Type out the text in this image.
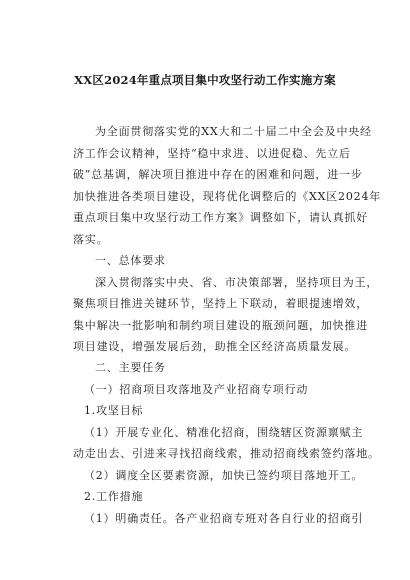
XX区2024年重点项目集中攻坚行动工作实施方案
为全面贯彻落实党的XX大和二十届二中全会及中央经
济工作会议精神，坚持“稳中求进、以进促稳、先立后
破”总基调，解决项目推进中存在的困难和问题，进一步
加快推进各类项目建设，现将优化调整后的《XX区2024年
重点项目集中攻坚行动工作方案》调整如下，请认真抓好
落实。
一、总体要求
深入贯彻落实中央、省、市决策部署，坚持项目为王，
聚焦项目推进关键环节，坚持上下联动，着眼提速增效，
集中解决一批影响和制约项目建设的瓶颈问题，加快推进
项目建设，增强发展后劲，助推全区经济高质量发展。
二、主要任务
（一）招商项目攻落地及产业招商专项行动
1.攻坚目标
（1）开展专业化、精准化招商，围绕辖区资源禀赋主
动走出去、引进来寻找招商线索，推动招商线索签约落地。
（2）调度全区要素资源，加快已签约项目落地开工。
2.工作措施
（1）明确责任。各产业招商专班对各自行业的招商引
